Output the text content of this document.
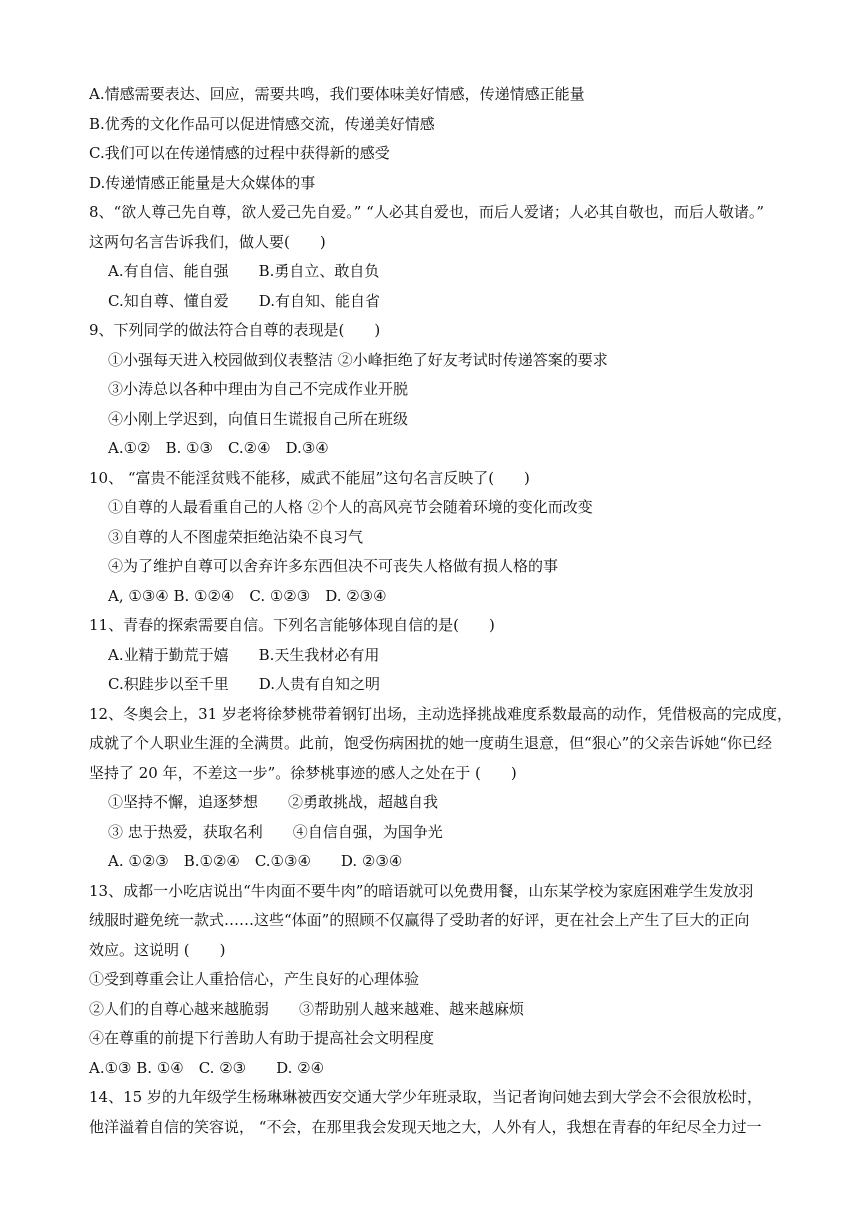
A.情感需要表达、回应，需要共鸣，我们要体味美好情感，传递情感正能量
B.优秀的文化作品可以促进情感交流，传递美好情感
C.我们可以在传递情感的过程中获得新的感受
D.传递情感正能量是大众媒体的事
8、“欲人尊己先自尊，欲人爱己先自爱。” “人必其自爱也，而后人爱诸；人必其自敬也，而后人敬诸。”
这两句名言告诉我们，做人要(　　)
A.有自信、能自强　　B.勇自立、敢自负
C.知自尊、懂自爱　　D.有自知、能自省
9、下列同学的做法符合自尊的表现是(　　)
①小强每天进入校园做到仪表整洁 ②小峰拒绝了好友考试时传递答案的要求
③小涛总以各种中理由为自己不完成作业开脱
④小刚上学迟到，向值日生谎报自己所在班级
A.①②　B. ①③　C.②④　D.③④
10、 “富贵不能淫贫贱不能移，威武不能屈”这句名言反映了(　　)
①自尊的人最看重自己的人格 ②个人的高风亮节会随着环境的变化而改变
③自尊的人不图虚荣拒绝沾染不良习气
④为了维护自尊可以舍弃许多东西但决不可丧失人格做有损人格的事
A, ①③④ B. ①②④　C. ①②③　D. ②③④
11、青春的探索需要自信。下列名言能够体现自信的是(　　)
A.业精于勤荒于嬉　　B.天生我材必有用
C.积跬步以至千里　　D.人贵有自知之明
12、冬奥会上，31 岁老将徐梦桃带着钢钉出场，主动选择挑战难度系数最高的动作，凭借极高的完成度，
成就了个人职业生涯的全满贯。此前，饱受伤病困扰的她一度萌生退意，但“狠心”的父亲告诉她“你已经
坚持了 20 年，不差这一步”。徐梦桃事迹的感人之处在于 (　　)
①坚持不懈，追逐梦想　　②勇敢挑战，超越自我
③ 忠于热爱，获取名利　　④自信自强，为国争光
A. ①②③　B.①②④　C.①③④　　D. ②③④
13、成都一小吃店说出“牛肉面不要牛肉”的暗语就可以免费用餐，山东某学校为家庭困难学生发放羽
绒服时避免统一款式……这些“体面”的照顾不仅赢得了受助者的好评，更在社会上产生了巨大的正向
效应。这说明 (　　)
①受到尊重会让人重拾信心，产生良好的心理体验
②人们的自尊心越来越脆弱　　③帮助别人越来越难、越来越麻烦
④在尊重的前提下行善助人有助于提高社会文明程度
A.①③ B. ①④　C. ②③　　D. ②④
14、15 岁的九年级学生杨琳琳被西安交通大学少年班录取，当记者询问她去到大学会不会很放松时，
他洋溢着自信的笑容说， “不会，在那里我会发现天地之大，人外有人，我想在青春的年纪尽全力过一
